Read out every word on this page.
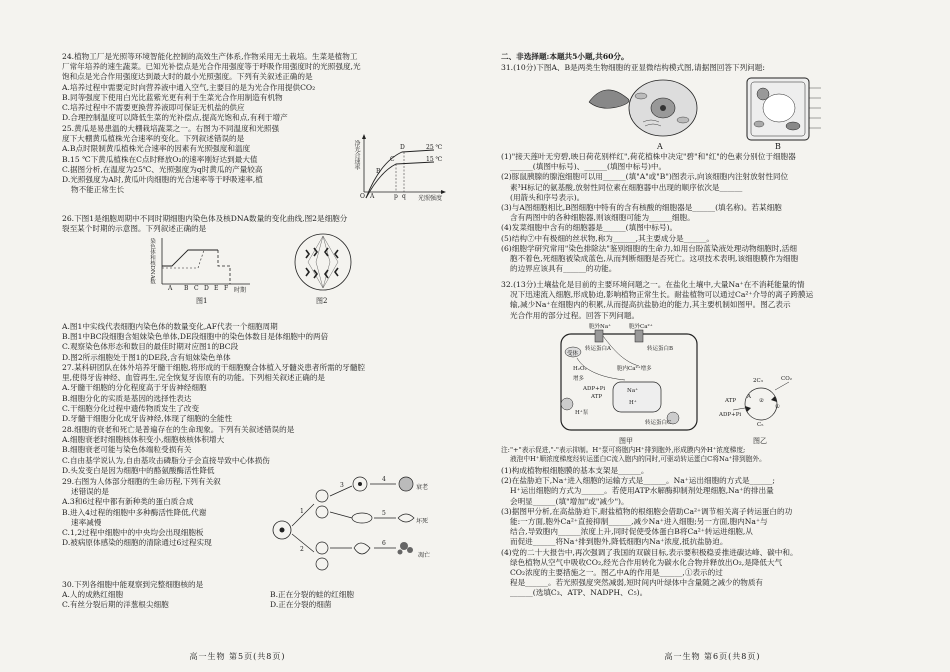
24.植物工厂是光照等环境智能化控制的高效生产体系,作物采用无土栽培。生菜是植物工
厂常年培养的速生蔬菜。已知光补偿点是光合作用强度等于呼吸作用强度时的光照强度,光
饱和点是光合作用强度达到最大时的最小光照强度。下列有关叙述正确的是
A.培养过程中需要定时向营养液中通入空气,主要目的是为光合作用提供CO₂
B.同等强度下使用白光比蓝紫光更有利于生菜光合作用制造有机物
C.培养过程中不需要更换营养液即可保证无机盐的供应
D.合理控制温度可以降低生菜的光补偿点,提高光饱和点,有利于增产
25.黄瓜是易患温的大棚栽培蔬菜之一。右图为不同温度和光照强
度下大棚黄瓜植株光合速率的变化。下列叙述错误的是
A.B点时限制黄瓜植株光合速率的因素有光照强度和温度
B.15 ℃下黄瓜植株在C点时释放O₂的速率刚好达到最大值
C.据图分析,在温度为25℃、光照强度为q时黄瓜的产量较高
D.光照强度为A时,黄瓜叶肉细胞的光合速率等于呼吸速率,植
物不能正常生长
净光合速率	25 ℃
15 ℃
B
C
D
O A	p q 光照强度
26.下图1是细胞周期中不同时期细胞内染色体及核DNA数量的变化曲线,图2是细胞分
裂至某个时期的示意图。下列叙述正确的是
染色体和核DNA数
A B C D E F 时期
图1	图2
A.图1中实线代表细胞内染色体的数量变化,AF代表一个细胞周期
B.图1中BC段细胞含姐妹染色单体,DE段细胞中的染色体数目是体细胞中的两倍
C.观察染色体形态和数目的最佳时期对应图1的BC段
D.图2所示细胞处于图1的DE段,含有姐妹染色单体
27.某科研团队在体外培养牙髓干细胞,将形成的干细胞聚合体植入牙髓炎患者所需的牙髓腔
里,使得牙齿神经、血管再生,完全恢复牙齿原有的功能。下列相关叙述正确的是
A.牙髓干细胞的分化程度高于牙齿神经细胞
B.细胞分化的实质是基因的选择性表达
C.干细胞分化过程中遗传物质发生了改变
D.牙髓干细胞分化成牙齿神经,体现了细胞的全能性
28.细胞的衰老和死亡是普遍存在的生命现象。下列有关叙述错误的是
A.细胞衰老时细胞核体积变小,细胞核核体积增大
B.细胞衰老可能与染色体端粒受损有关
C.自由基学说认为,自由基攻击磷脂分子会直接导致中心体损伤
D.头发变白是因为细胞中的酪氨酸酶活性降低
29.右图为人体部分细胞的生命历程,下列有关叙
述错误的是
A.3和6过程中都有新种类的蛋白质合成
B.进入4过程的细胞中多种酶活性降低,代谢
速率减慢
C.1,2过程中细胞中的中央均会出现细胞板
D.被病原体感染的细胞的清除通过6过程实现
1
2
3
4
5
6
衰老
坏死
凋亡
30.下列各细胞中能观察到完整细胞核的是
A.人的成熟红细胞	B.正在分裂的蛙的红细胞
C.有丝分裂后期的洋葱根尖细胞	D.正在分裂的细菌
高一生物 第5页(共8页)
二、非选择题:本题共5小题,共60分。
31.(10分)下图A、B是两类生物细胞的亚显微结构模式图,请据图回答下列问题:
A	B
(1)"接天莲叶无穷碧,映日荷花别样红",荷花植株中决定"碧"和"红"的色素分别位于细胞器
______(填图中标号)、______(填图中标号)中。
(2)豚鼠胰腺的腺泡细胞可以用______(填"A"或"B")图表示,向该细胞内注射放射性同位
素³H标记的氨基酸,放射性同位素在细胞器中出现的顺序依次是______
(用箭头和序号表示)。
(3)与A图细胞相比,B图细胞中特有的含有核酸的细胞器是______(填名称)。若某细胞
含有两图中的各种细胞器,则该细胞可能为______细胞。
(4)发菜细胞中含有的细胞器是______(填图中标号)。
(5)结构⑦中有极细的丝状物,称为______,其主要成分是______。
(6)细胞学研究常用"染色排除法"鉴别细胞的生命力,如用台盼蓝染液处理动物细胞时,活细
胞不着色,死细胞被染成蓝色,从而判断细胞是否死亡。这项技术表明,该细胞膜作为细胞
的边界应该具有______的功能。
32.(13分)土壤盐化是目前的主要环境问题之一。在盐化土壤中,大量Na⁺在不消耗能量的情
况下迅速流入细胞,形成胁迫,影响植物正常生长。耐盐植物可以通过Ca²⁺介导的离子跨膜运
输,减少Na⁺在细胞内的积累,从而提高抗盐胁迫的能力,其主要机制如图甲。图乙表示
光合作用的部分过程。回答下列问题。
胞外Na⁺	胞外Ca²⁺
转运蛋白A	转运蛋白B
受体
H₂O₂
增多
胞内Ca²⁺增多
ADP+Pi
ATP
H⁺泵
转运蛋白C
Na⁺
H⁺
图甲
2C₃	CO₂
C₅
ATP
ADP+Pi
A
①
②
图乙
注:"+"表示促进,"-"表示抑制。H⁺泵可将胞内H⁺排到胞外,形成膜内外H⁺浓度梯度;
液泡中H⁺顺浓度梯度经转运蛋白C流入胞内的同时,可驱动转运蛋白C将Na⁺排到胞外。
(1)构成植物根细胞膜的基本支架是______。
(2)在盐胁迫下,Na⁺进入细胞的运输方式是______。Na⁺运出细胞的方式是______;
H⁺运出细胞的方式为______。若使用ATP水解酶抑制剂处理细胞,Na⁺的排出量
会明显______(填"增加"或"减少")。
(3)据图甲分析,在高盐胁迫下,耐盐植物的根细胞会借助Ca²⁺调节相关离子转运蛋白的功
能:一方面,胞外Ca²⁺直接抑制______,减少Na⁺进入细胞;另一方面,胞内Na⁺与
结合,导致胞内______浓度上升,同时促使受体蛋白B将Ca²⁺转运进细胞,从
而促进______将Na⁺排到胞外,降低细胞内Na⁺浓度,抵抗盐胁迫。
(4)党的二十大报告中,再次强调了我国的双碳目标,表示要积极稳妥推进碳达峰、碳中和。
绿色植物从空气中吸收CO₂,经光合作用转化为碳水化合物并释放出O₂,是降低大气
CO₂浓度的主要措施之一。图乙中A的作用是______,①表示的过
程是______。若光照强度突然减弱,短时间内叶绿体中含量随之减少的物质有
______(选填C₃、ATP、NADPH、C₅)。
高一生物 第6页(共8页)
